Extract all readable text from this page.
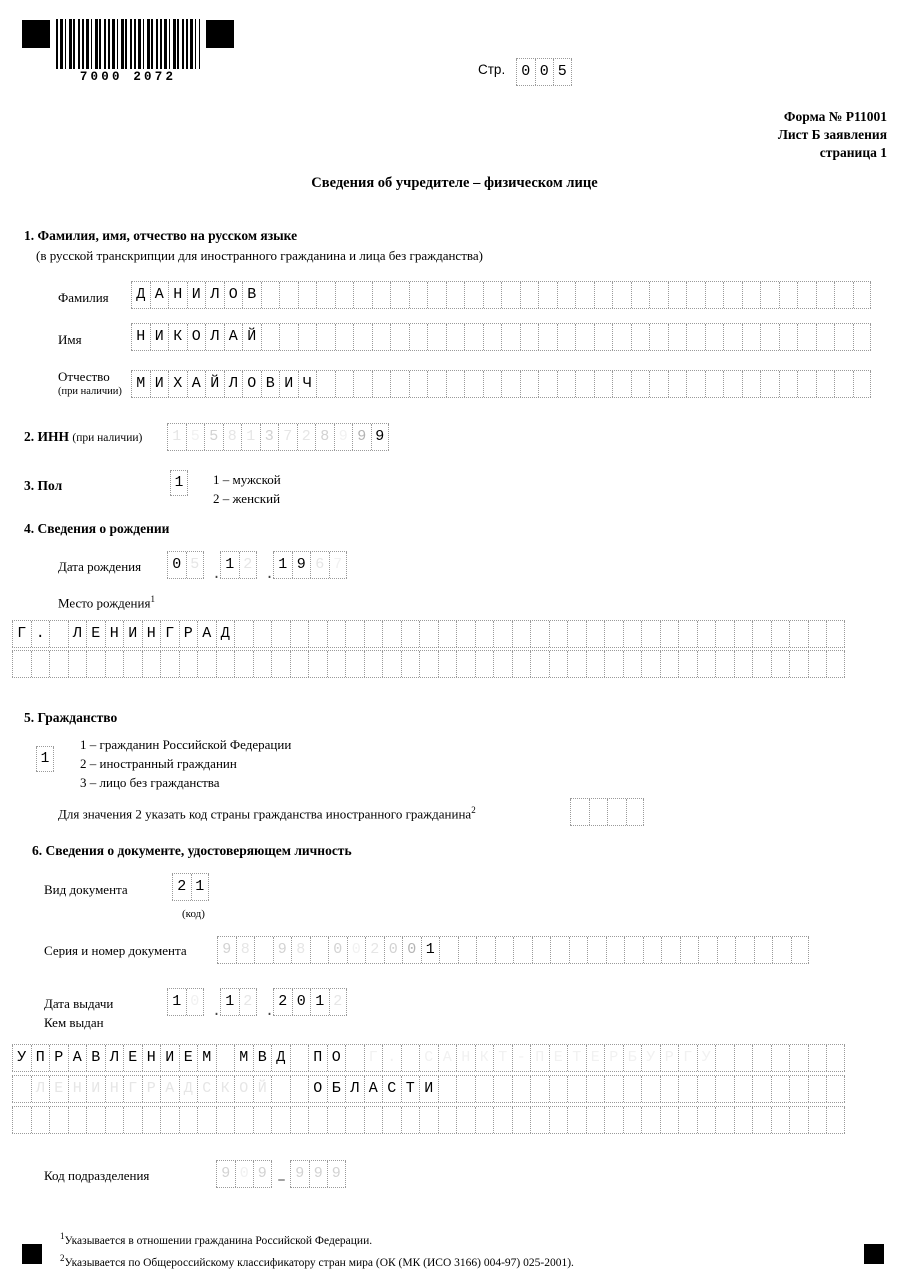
7000 2072	Стр.	0 0 5
Форма № Р11001
Лист Б заявления
страница 1
Сведения об учредителе – физическом лице
1. Фамилия, имя, отчество на русском языке
(в русской транскрипции для иностранного гражданина и лица без гражданства)
Фамилия	Д А Н И Л О В
Имя	Н И К О Л А Й
Отчество
(при наличии) М И Х А Й Л О В И Ч
2. ИНН (при наличии)	1 5 5 8 1 3 7 2 8 9 9 9
3. Пол	1	1 – мужской
2 – женский
4. Сведения о рождении
Дата рождения	0 5
.
1 2
.
1 9 6 7
Место рождения$^1$
Г .	Л Е Н И Н Г Р А Д
5. Гражданство
1
1 – гражданин Российской Федерации
2 – иностранный гражданин
3 – лицо без гражданства
Для значения 2 указать код страны гражданства иностранного гражданина$^2$
6. Сведения о документе, удостоверяющем личность
Вид документа	2 1
(код)
Серия и номер документа	9 8	9 8	0 0 2 0 0 1
Дата выдачи	1 0
.
1 2
.
2 0 1 2
Кем выдан
У П Р А В Л Е Н И Е М	М В Д	П О	Г .	С А Н К Т - П Е Т Е Р Б У Р Г У
Л Е Н И Н Г Р А Д С К О Й	О Б Л А С Т И
Код подразделения	9 0 9 – 9 9 9
$^1$Указывается в отношении гражданина Российской Федерации.
$^2$Указывается по Общероссийскому классификатору стран мира (ОК (МК (ИСО 3166) 004-97) 025-2001).
